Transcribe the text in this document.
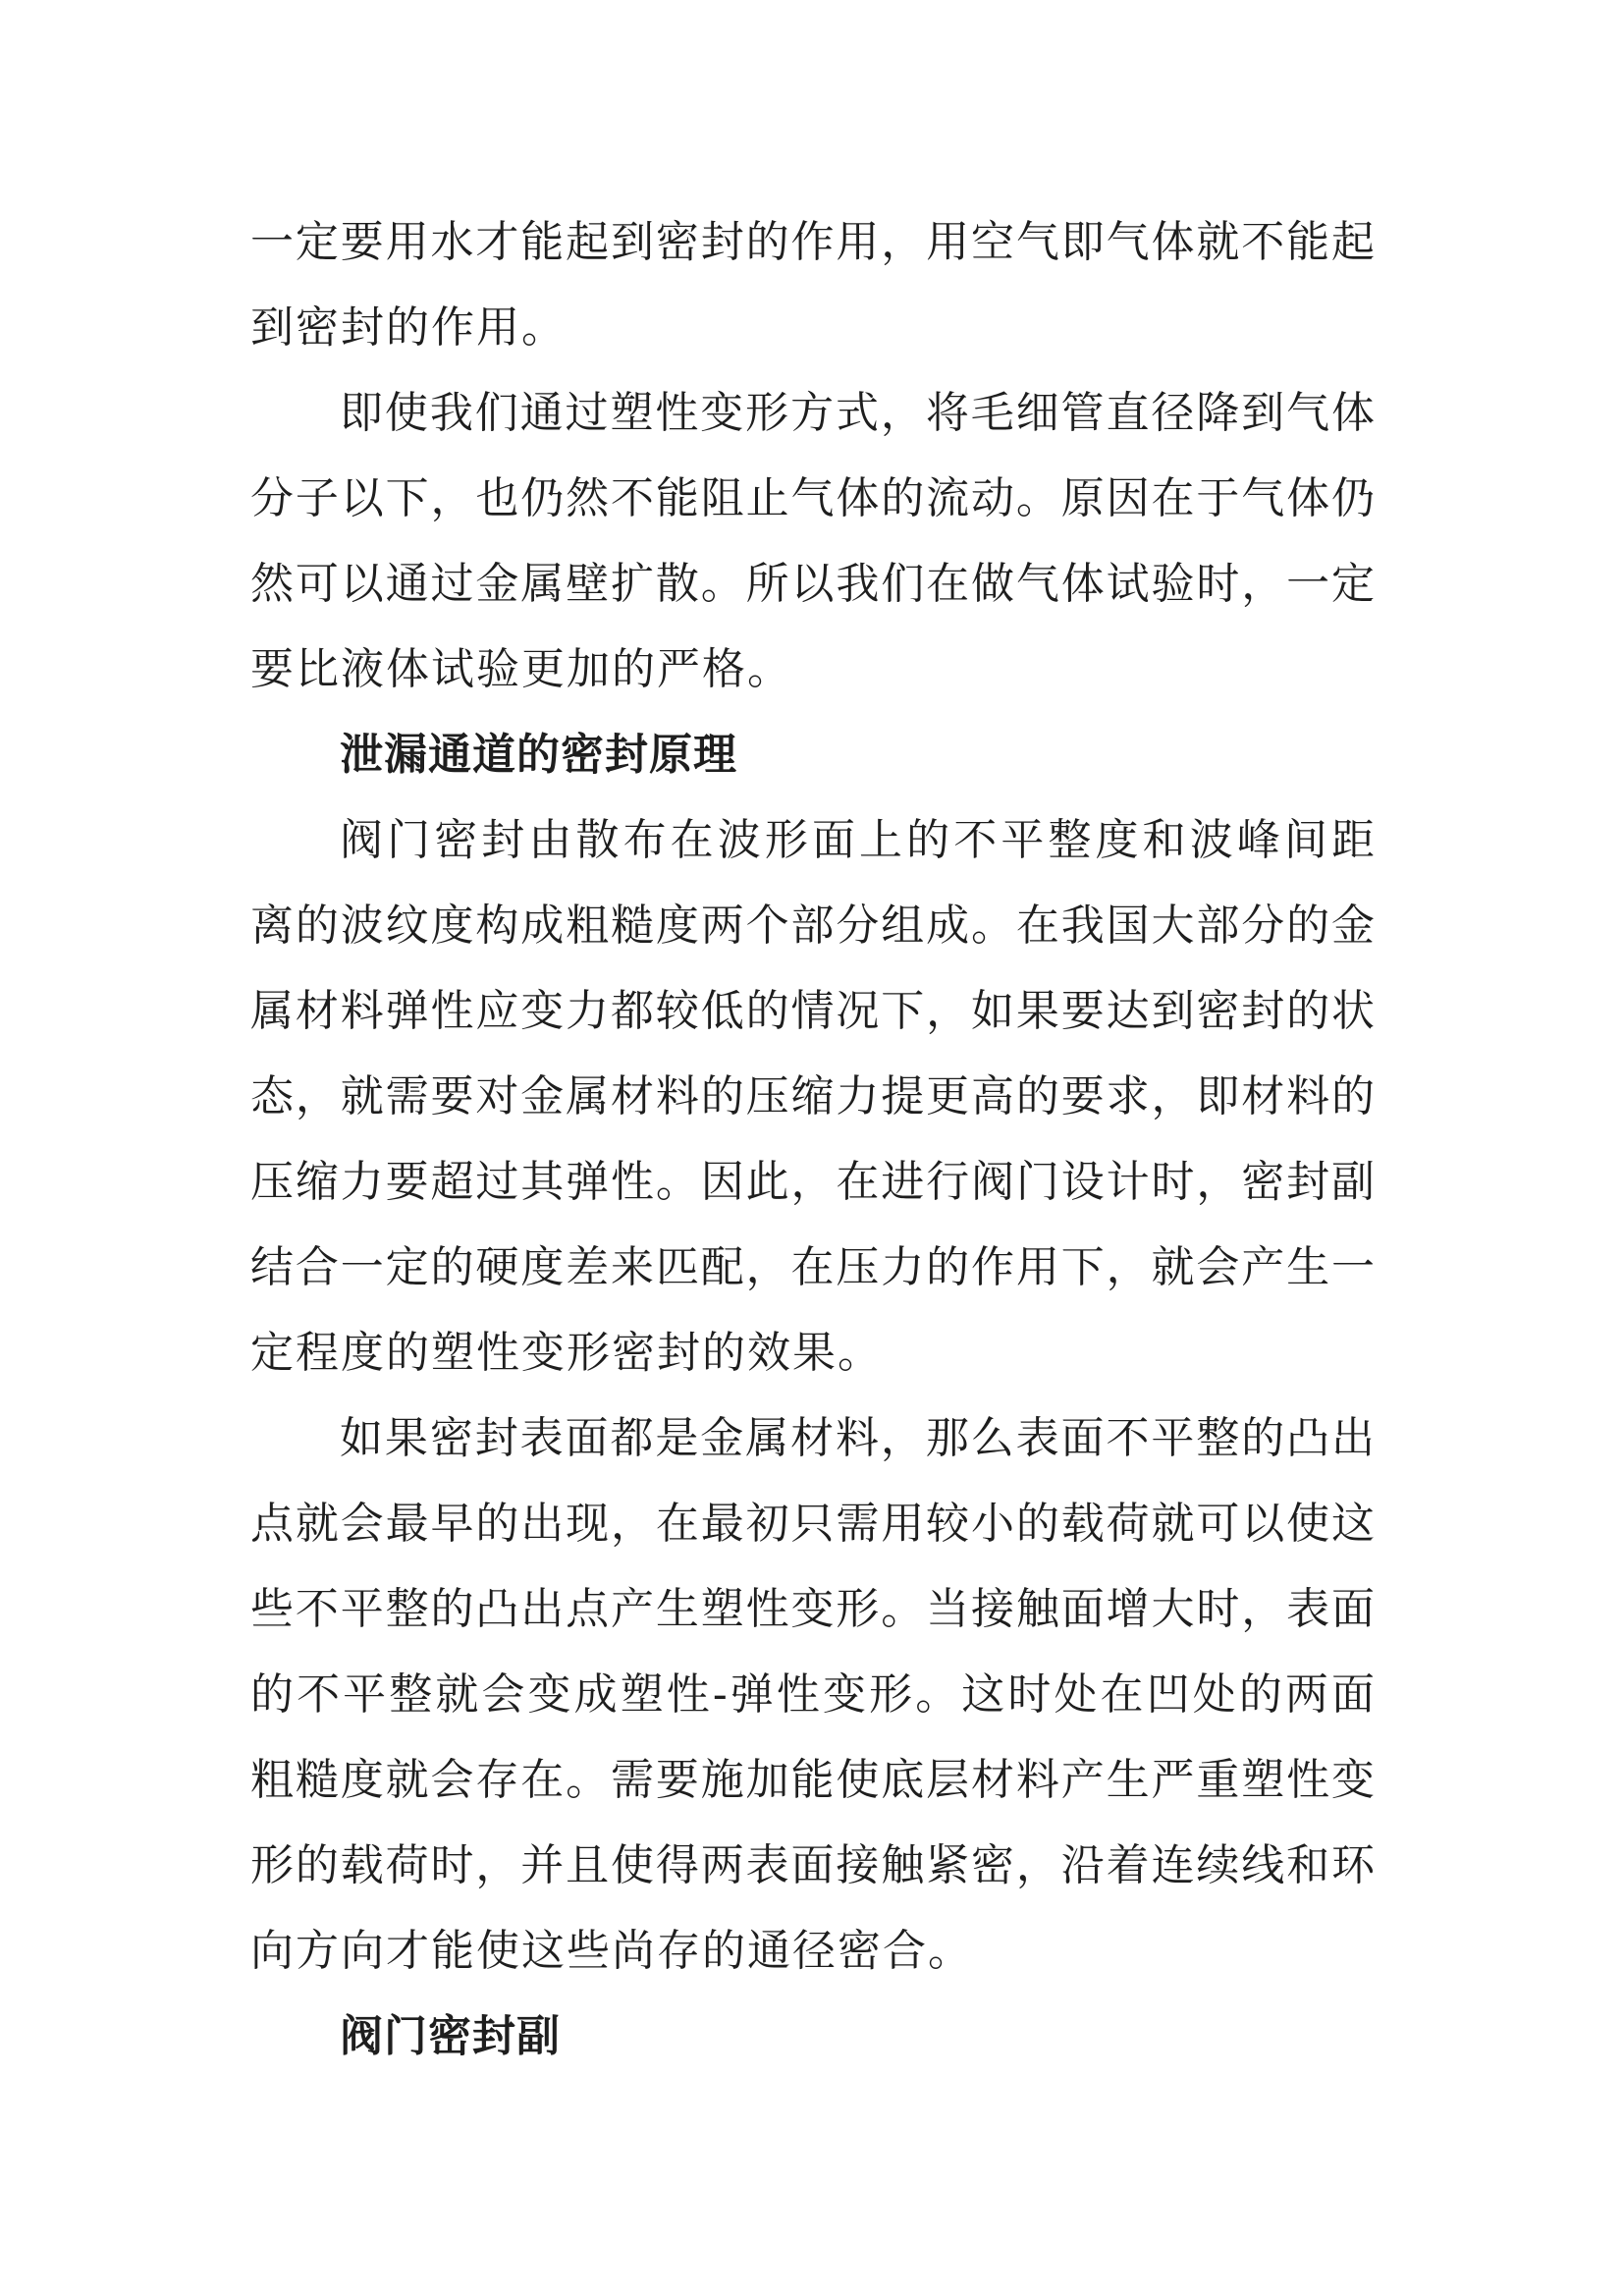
一定要用水才能起到密封的作用，用空气即气体就不能起
到密封的作用。
即使我们通过塑性变形方式，将毛细管直径降到气体
分子以下，也仍然不能阻止气体的流动。原因在于气体仍
然可以通过金属壁扩散。所以我们在做气体试验时，一定
要比液体试验更加的严格。
泄漏通道的密封原理
阀门密封由散布在波形面上的不平整度和波峰间距
离的波纹度构成粗糙度两个部分组成。在我国大部分的金
属材料弹性应变力都较低的情况下，如果要达到密封的状
态，就需要对金属材料的压缩力提更高的要求，即材料的
压缩力要超过其弹性。因此，在进行阀门设计时，密封副
结合一定的硬度差来匹配，在压力的作用下，就会产生一
定程度的塑性变形密封的效果。
如果密封表面都是金属材料，那么表面不平整的凸出
点就会最早的出现，在最初只需用较小的载荷就可以使这
些不平整的凸出点产生塑性变形。当接触面增大时，表面
的不平整就会变成塑性-弹性变形。这时处在凹处的两面
粗糙度就会存在。需要施加能使底层材料产生严重塑性变
形的载荷时，并且使得两表面接触紧密，沿着连续线和环
向方向才能使这些尚存的通径密合。
阀门密封副
